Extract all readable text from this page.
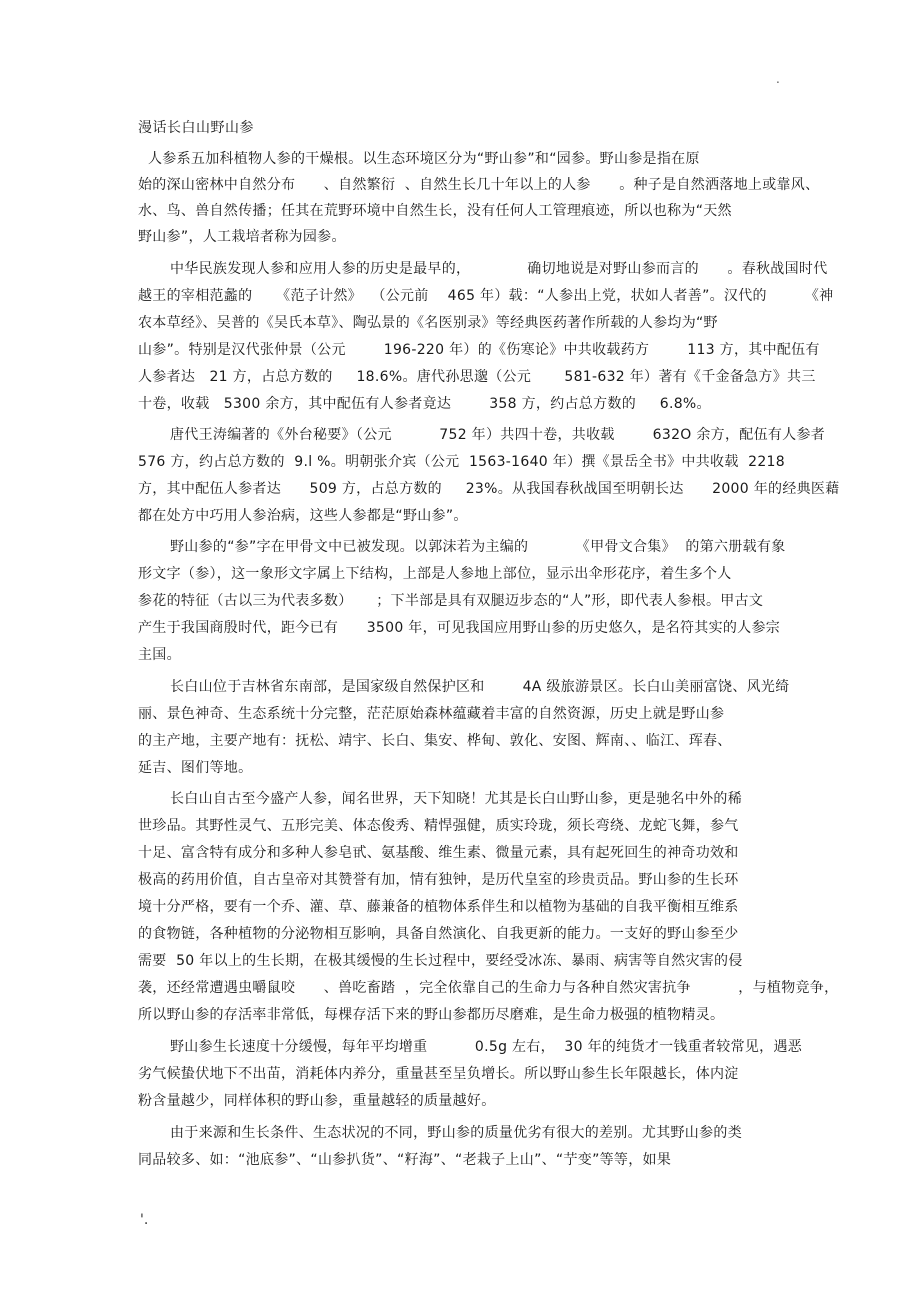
.
漫话长白山野山参
人参系五加科植物人参的干燥根。以生态环境区分为“野山参”和“园参。野山参是指在原
始的深山密林中自然分布      、自然繁衍  、自然生长几十年以上的人参      。种子是自然洒落地上或靠风、
水、鸟、兽自然传播；任其在荒野环境中自然生长，没有任何人工管理痕迹，所以也称为“天然
野山参”，人工栽培者称为园参。
中华民族发现人参和应用人参的历史是最早的，            确切地说是对野山参而言的      。春秋战国时代
越王的宰相范蠡的     《范子计然》  （公元前    465 年）载：“人参出上党，状如人者善”。汉代的        《神
农本草经》、吴普的《吴氏本草》、陶弘景的《名医别录》等经典医药著作所载的人参均为“野
山参”。特别是汉代张仲景（公元        196-220 年）的《伤寒论》中共收载药方        113 方，其中配伍有
人参者达   21 方，占总方数的     18.6%。唐代孙思邈（公元       581-632 年）著有《千金备急方》共三
十卷，收载   5300 余方，其中配伍有人参者竟达        358 方，约占总方数的     6.8%。
唐代王涛编著的《外台秘要》（公元          752 年）共四十卷，共收载        632O 余方，配伍有人参者
576 方，约占总方数的  9.l %。明朝张介宾（公元  1563-1640 年）撰《景岳全书》中共收载  2218
方，其中配伍人参者达      509 方，占总方数的     23%。从我国春秋战国至明朝长达      2000 年的经典医藉
都在处方中巧用人参治病，这些人参都是“野山参”。
野山参的“参”字在甲骨文中已被发现。以郭沫若为主编的          《甲骨文合集》  的第六册载有象
形文字（参），这一象形文字属上下结构，上部是人参地上部位，显示出伞形花序，着生多个人
参花的特征（古以三为代表多数）     ；下半部是具有双腿迈步态的“人”形，即代表人参根。甲古文
产生于我国商殷时代，距今已有      3500 年，可见我国应用野山参的历史悠久，是名符其实的人参宗
主国。
长白山位于吉林省东南部，是国家级自然保护区和        4A 级旅游景区。长白山美丽富饶、风光绮
丽、景色神奇、生态系统十分完整，茫茫原始森林蕴藏着丰富的自然资源，历史上就是野山参
的主产地，主要产地有：抚松、靖宇、长白、集安、桦甸、敦化、安图、辉南、、临江、珲春、
延吉、图们等地。
长白山自古至今盛产人参，闻名世界，天下知晓！尤其是长白山野山参，更是驰名中外的稀
世珍品。其野性灵气、五形完美、体态俊秀、精悍强健，质实玲珑，须长弯绕、龙蛇飞舞，参气
十足、富含特有成分和多种人参皂甙、氨基酸、维生素、微量元素，具有起死回生的神奇功效和
极高的药用价值，自古皇帝对其赞誉有加，情有独钟，是历代皇室的珍贵贡品。野山参的生长环
境十分严格，要有一个乔、灌、草、藤兼备的植物体系伴生和以植物为基础的自我平衡相互维系
的食物链，各种植物的分泌物相互影响，具备自然演化、自我更新的能力。一支好的野山参至少
需要  50 年以上的生长期，在极其缓慢的生长过程中，要经受冰冻、暴雨、病害等自然灾害的侵
袭，还经常遭遇虫嚼鼠咬      、兽吃畜踏  ，完全依靠自己的生命力与各种自然灾害抗争          ，与植物竞争，
所以野山参的存活率非常低，每棵存活下来的野山参都历尽磨难，是生命力极强的植物精灵。
野山参生长速度十分缓慢，每年平均增重          0.5g 左右，  30 年的纯货才一钱重者较常见，遇恶
劣气候蛰伏地下不出苗，消耗体内养分，重量甚至呈负增长。所以野山参生长年限越长，体内淀
粉含量越少，同样体积的野山参，重量越轻的质量越好。
由于来源和生长条件、生态状况的不同，野山参的质量优劣有很大的差别。尤其野山参的类
同品较多、如：“池底参”、“山参扒货”、“籽海”、“老栽子上山”、“艼变”等等，如果
'.
